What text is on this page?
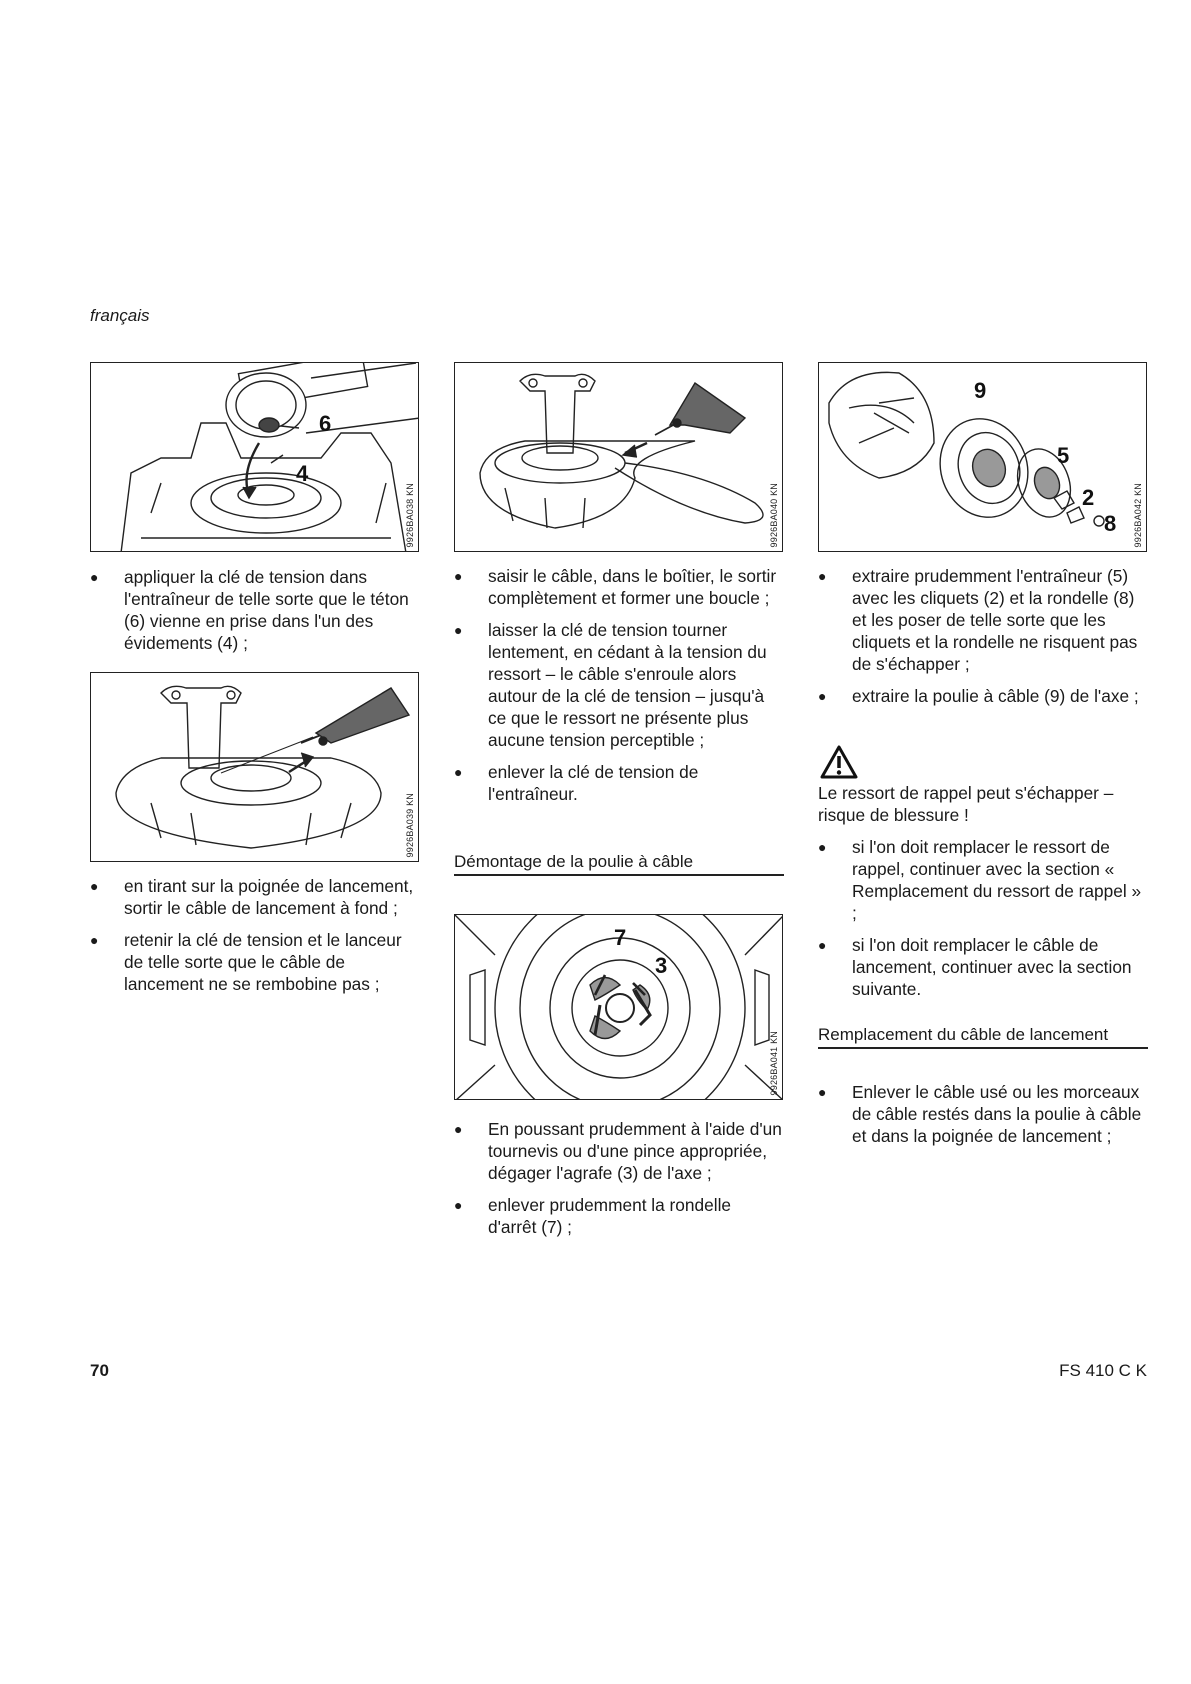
français
6
4
9926BA038 KN
● appliquer la clé de tension dans l'entraîneur de telle sorte que le téton (6) vienne en prise dans l'un des évidements (4) ;
9926BA039 KN
● en tirant sur la poignée de lancement, sortir le câble de lancement à fond ;
● retenir la clé de tension et le lanceur de telle sorte que le câble de lancement ne se rembobine pas ;
9926BA040 KN
● saisir le câble, dans le boîtier, le sortir complètement et former une boucle ;
● laisser la clé de tension tourner lentement, en cédant à la tension du ressort – le câble s'enroule alors autour de la clé de tension – jusqu'à ce que le ressort ne présente plus aucune tension perceptible ;
● enlever la clé de tension de l'entraîneur.
Démontage de la poulie à câble
7
3
9926BA041 KN
● En poussant prudemment à l'aide d'un tournevis ou d'une pince appropriée, dégager l'agrafe (3) de l'axe ;
● enlever prudemment la rondelle d'arrêt (7) ;
9
5
2
8 9926BA042 KN
● extraire prudemment l'entraîneur (5) avec les cliquets (2) et la rondelle (8) et les poser de telle sorte que les cliquets et la rondelle ne risquent pas de s'échapper ;
● extraire la poulie à câble (9) de l'axe ;
Le ressort de rappel peut s'échapper –
risque de blessure !
● si l'on doit remplacer le ressort de rappel, continuer avec la section « Remplacement du ressort de rappel » ;
● si l'on doit remplacer le câble de lancement, continuer avec la section suivante.
Remplacement du câble de lancement
● Enlever le câble usé ou les morceaux de câble restés dans la poulie à câble et dans la poignée de lancement ;
70	FS 410 C K
